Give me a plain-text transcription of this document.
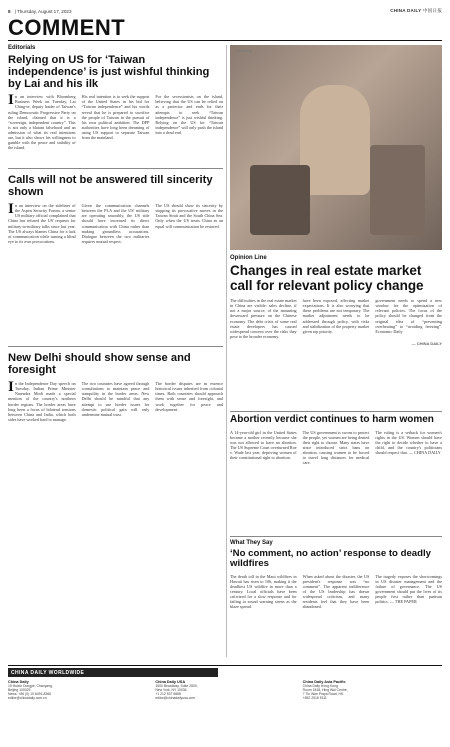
8 | Thursday, August 17, 2023	CHINA DAILY 中国日报
COMMENT
Editorials
Relying on US for ‘Taiwan independence’ is just wishful thinking by Lai and his ilk

In an interview with Bloomberg Business Week on Tuesday, Lai Ching-te, deputy leader of Taiwan's ruling Democratic Progressive Party on the island, claimed that it is a “sovereign, independent country”. This is not only a blatant falsehood and an admission of what its real intentions are, but it also shows his willingness to gamble with the peace and stability of the island.

His real intention is to seek the support of the United States in his bid for “Taiwan independence” and his words reveal that he is prepared to sacrifice the people of Taiwan in the pursuit of his own political ambition. The DPP authorities have long been dreaming of using US support to separate Taiwan from the mainland.

For the secessionists on the island, believing that the US can be relied on as a protector and ends for their attempts to seek “Taiwan independence” is just wishful thinking. Relying on the US for “Taiwan independence” will only push the island into a dead end.

Calls will not be answered till sincerity shown

In an interview on the sidelines of the Aspen Security Forum, a senior US military official complained that China has refused the US' requests for military-to-military talks since last year. The US always blames China for a lack of communication while turning a blind eye to its own provocations.

Given the communication channels between the PLA and the US' military are operating smoothly, the US side should have increased its direct communication with China rather than making groundless accusations. Dialogue between the two militaries requires mutual respect.

The US should show its sincerity by stopping its provocative moves in the Taiwan Strait and the South China Sea. Only when the US treats China as an equal will communication be restored.

New Delhi should show sense and foresight

In the Independence Day speech on Tuesday, Indian Prime Minister Narendra Modi made a special mention of the country's northern border regions. The border areas have long been a focus of bilateral tensions between China and India, which both sides have worked hard to manage.

The two countries have agreed through consultations to maintain peace and tranquility in the border areas. New Delhi should be mindful that any attempt to use border issues for domestic political gain will only undermine mutual trust.

The border disputes are in essence historical issues inherited from colonial times. Both countries should approach them with sense and foresight, and work together for peace and development.

Cai Meng
Opinion Line
Changes in real estate market call for relevant policy change

The difficulties in the real estate market in China are visible: sales decline, if not a major source, of the mounting downward pressure on the Chinese economy. The debt crisis of some real estate developers has caused widespread concern over the risks they pose to the broader economy.

have been exposed, affecting market expectations. It is also worrying that these problems are not temporary. The market adjustment needs to be addressed through policy, with risks and stabilization of the property market given top priority.

government needs to spend a new window for the optimization of relevant policies. The focus of the policy should be changed from the original idea of “preventing overheating” to “avoiding freezing”. Economic Daily

— CHINA DAILY
Abortion verdict continues to harm women

A 14-year-old girl in the United States became a mother recently because she was not allowed to have an abortion. The US Supreme Court overturned Roe v. Wade last year, depriving women of their constitutional right to abortion.

The US government is sworn to protect the people, yet women are being denied their right to choose. Many states have since introduced strict bans on abortion, causing women to be forced to travel long distances for medical care.

The ruling is a setback for women's rights in the US. Women should have the right to decide whether to have a child, and the country's politicians should respect that. — CHINA DAILY

What They Say
‘No comment, no action’ response to deadly wildfires

The death toll in the Maui wildfires in Hawaii has risen to 106, making it the deadliest US wildfire in more than a century. Local officials have been criticized for a slow response and for failing to sound warning sirens as the blaze spread.

When asked about the disaster, the US president's response was “no comment”. The apparent indifference of the US leadership has drawn widespread criticism, and many residents feel that they have been abandoned.

The tragedy exposes the shortcomings in US disaster management and the failure of governance. The US government should put the lives of its people first rather than partisan politics. — THE PAPER

CHINA DAILY WORLDWIDE
China Daily
15 Huixin Dongjie, Chaoyang,
Beijing 100029
News: +86 (0) 10 6491-8366
editor@chinadaily.com.cn
China Daily USA
1500 Broadway, Suite 2800,
New York, NY 10036
+1 212 537 8888
editor@chinadailyusa.com
China Daily Asia Pacific
China Daily Hong Kong
Room 1818, Hing Wai Centre,
7 Tin Wan Praya Road, HK
+852 2518 5111
